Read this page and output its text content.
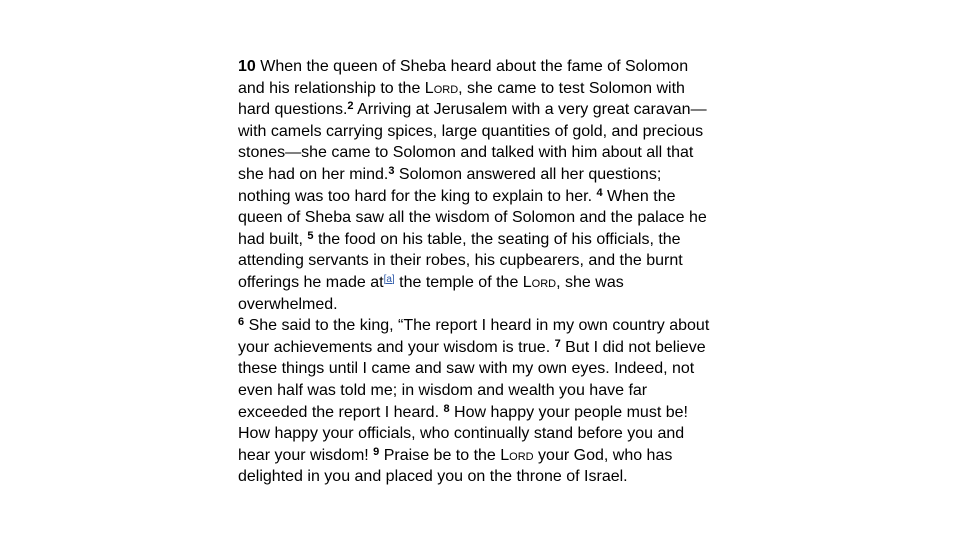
10 When the queen of Sheba heard about the fame of Solomon and his relationship to the Lord, she came to test Solomon with hard questions.$^2$ Arriving at Jerusalem with a very great caravan—with camels carrying spices, large quantities of gold, and precious stones—she came to Solomon and talked with him about all that she had on her mind.$^3$ Solomon answered all her questions; nothing was too hard for the king to explain to her. $^4$ When the queen of Sheba saw all the wisdom of Solomon and the palace he had built, $^5$ the food on his table, the seating of his officials, the attending servants in their robes, his cupbearers, and the burnt offerings he made at[a] the temple of the Lord, she was overwhelmed.

$^6$ She said to the king, “The report I heard in my own country about your achievements and your wisdom is true. $^7$ But I did not believe these things until I came and saw with my own eyes. Indeed, not even half was told me; in wisdom and wealth you have far exceeded the report I heard. $^8$ How happy your people must be! How happy your officials, who continually stand before you and hear your wisdom! $^9$ Praise be to the Lord your God, who has delighted in you and placed you on the throne of Israel.
